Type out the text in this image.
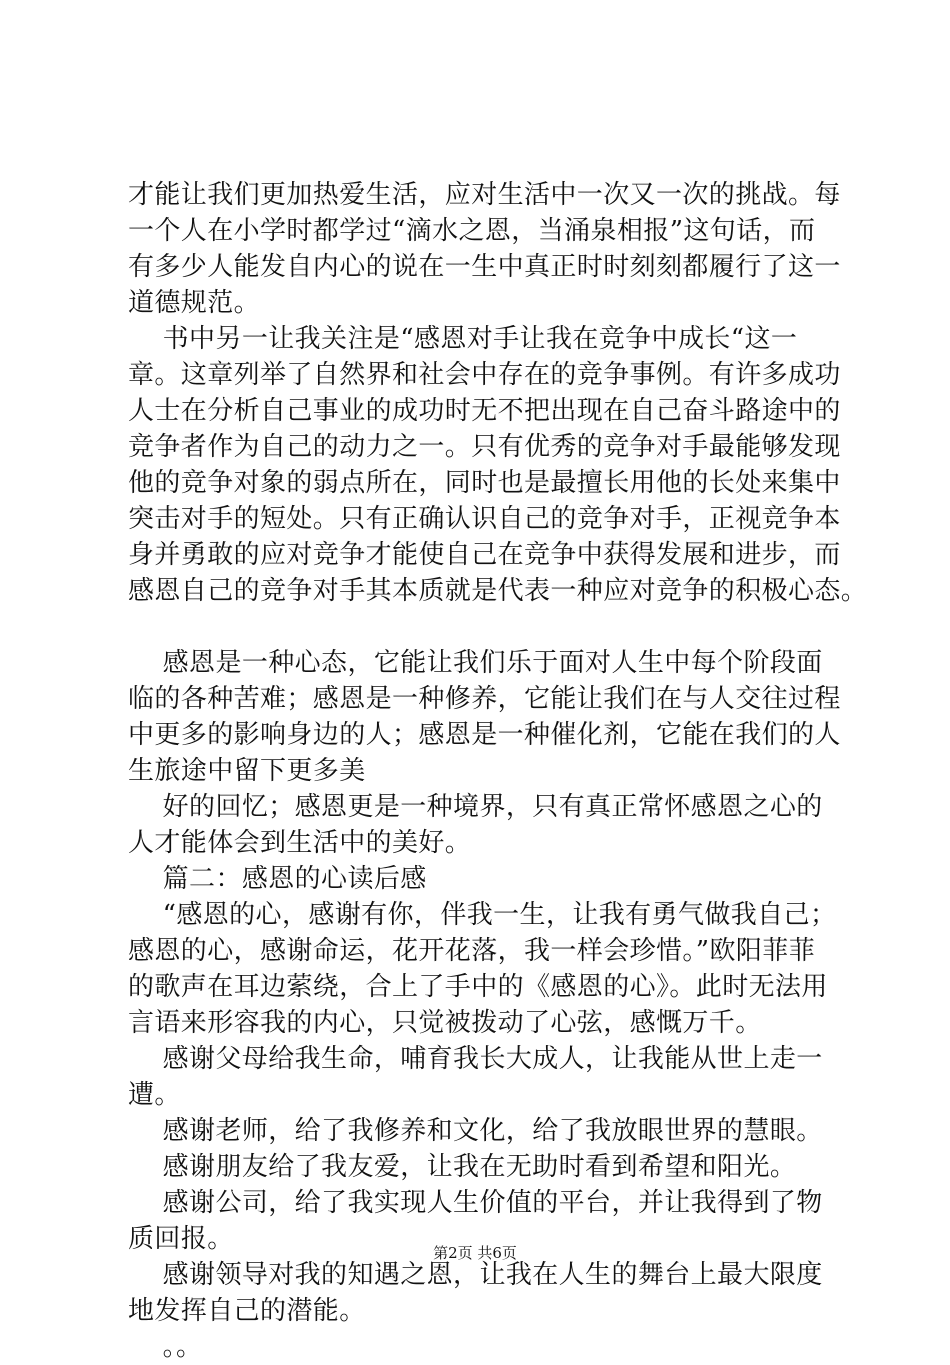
才能让我们更加热爱生活，应对生活中一次又一次的挑战。每
一个人在小学时都学过“滴水之恩，当涌泉相报”这句话，而
有多少人能发自内心的说在一生中真正时时刻刻都履行了这一
道德规范。
书中另一让我关注是“感恩对手让我在竞争中成长“这一
章。这章列举了自然界和社会中存在的竞争事例。有许多成功
人士在分析自己事业的成功时无不把出现在自己奋斗路途中的
竞争者作为自己的动力之一。只有优秀的竞争对手最能够发现
他的竞争对象的弱点所在，同时也是最擅长用他的长处来集中
突击对手的短处。只有正确认识自己的竞争对手，正视竞争本
身并勇敢的应对竞争才能使自己在竞争中获得发展和进步，而
感恩自己的竞争对手其本质就是代表一种应对竞争的积极心态。
感恩是一种心态，它能让我们乐于面对人生中每个阶段面
临的各种苦难；感恩是一种修养，它能让我们在与人交往过程
中更多的影响身边的人；感恩是一种催化剂，它能在我们的人
生旅途中留下更多美
好的回忆；感恩更是一种境界，只有真正常怀感恩之心的
人才能体会到生活中的美好。
篇二：感恩的心读后感
“感恩的心，感谢有你，伴我一生，让我有勇气做我自己；
感恩的心，感谢命运，花开花落，我一样会珍惜。”欧阳菲菲
的歌声在耳边萦绕，合上了手中的《感恩的心》。此时无法用
言语来形容我的内心，只觉被拨动了心弦，感慨万千。
感谢父母给我生命，哺育我长大成人，让我能从世上走一
遭。
感谢老师，给了我修养和文化，给了我放眼世界的慧眼。
感谢朋友给了我友爱，让我在无助时看到希望和阳光。
感谢公司，给了我实现人生价值的平台，并让我得到了物
质回报。
感谢领导对我的知遇之恩，让我在人生的舞台上最大限度
地发挥自己的潜能。
。。
第2页 共6页
